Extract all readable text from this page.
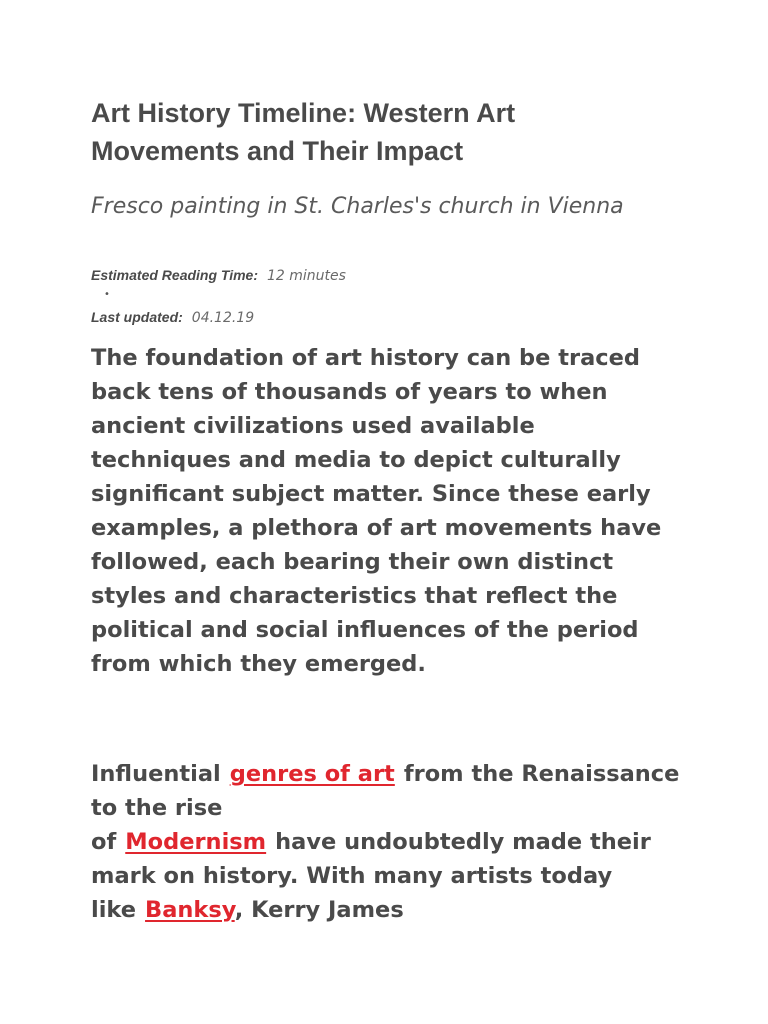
Art History Timeline: Western Art
Movements and Their Impact

Fresco painting in St. Charles's church in Vienna

Estimated Reading Time: 12 minutes
•
Last updated: 04.12.19

The foundation of art history can be traced back tens of thousands of years to when ancient civilizations used available techniques and media to depict culturally significant subject matter. Since these early examples, a plethora of art movements have followed, each bearing their own distinct styles and characteristics that reflect the political and social influences of the period from which they emerged.

Influential genres of art from the Renaissance to the rise
of Modernism have undoubtedly made their mark on history. With many artists today like Banksy, Kerry James
